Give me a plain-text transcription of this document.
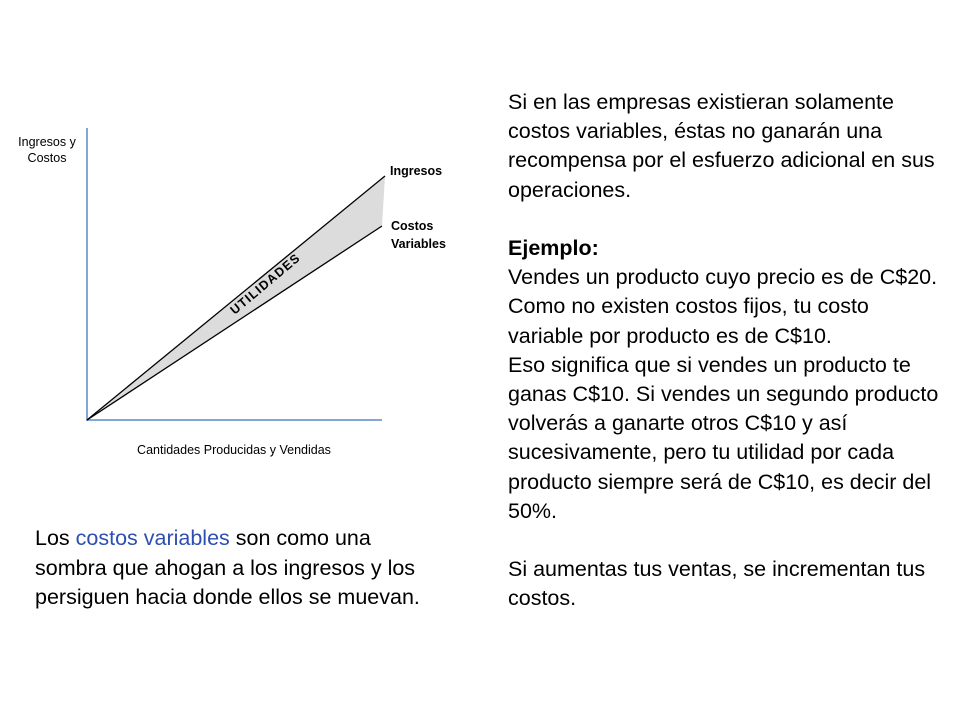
Ingresos y
Costos
Cantidades Producidas y Vendidas
Ingresos
Costos
Variables
UTILIDADES

Si en las empresas existieran solamente costos variables, éstas no ganarán una recompensa por el esfuerzo adicional en sus operaciones.

Ejemplo:

Vendes un producto cuyo precio es de C$20.

Como no existen costos fijos, tu costo variable por producto es de C$10.

Eso significa que si vendes un producto te ganas C$10. Si vendes un segundo producto volverás a ganarte otros C$10 y así sucesivamente, pero tu utilidad por cada producto siempre será de C$10, es decir del 50%.

Si aumentas tus ventas, se incrementan tus costos.

Los costos variables son como una sombra que ahogan a los ingresos y los persiguen hacia donde ellos se muevan.
